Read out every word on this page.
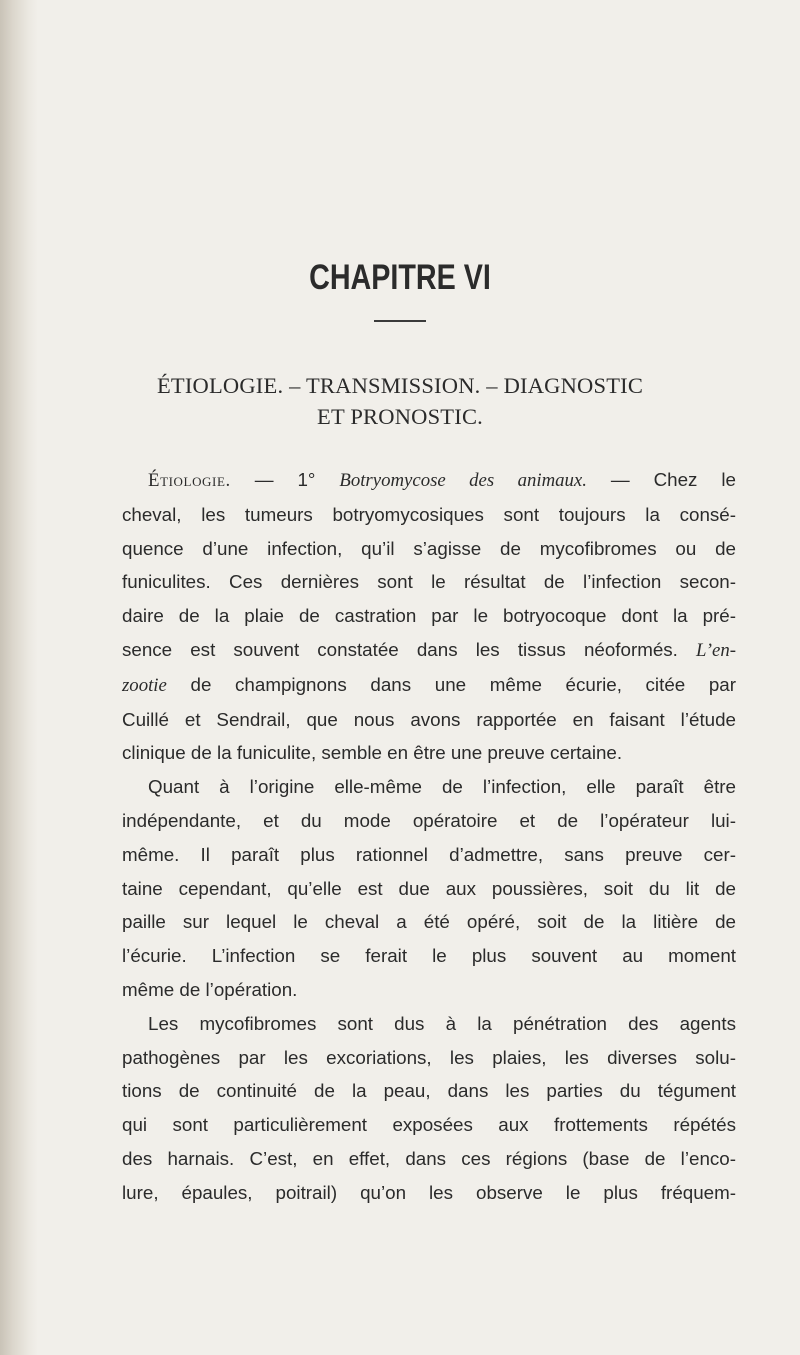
CHAPITRE VI
ÉTIOLOGIE. – TRANSMISSION. – DIAGNOSTIC
ET PRONOSTIC.
Étiologie. — 1° Botryomycose des animaux. — Chez le
cheval, les tumeurs botryomycosiques sont toujours la consé-
quence d’une infection, qu’il s’agisse de mycofibromes ou de
funiculites. Ces dernières sont le résultat de l’infection secon-
daire de la plaie de castration par le botryocoque dont la pré-
sence est souvent constatée dans les tissus néoformés. L’en-
zootie de champignons dans une même écurie, citée par
Cuillé et Sendrail, que nous avons rapportée en faisant l’étude
clinique de la funiculite, semble en être une preuve certaine.
Quant à l’origine elle-même de l’infection, elle paraît être
indépendante, et du mode opératoire et de l’opérateur lui-
même. Il paraît plus rationnel d’admettre, sans preuve cer-
taine cependant, qu’elle est due aux poussières, soit du lit de
paille sur lequel le cheval a été opéré, soit de la litière de
l’écurie. L’infection se ferait le plus souvent au moment
même de l’opération.
Les mycofibromes sont dus à la pénétration des agents
pathogènes par les excoriations, les plaies, les diverses solu-
tions de continuité de la peau, dans les parties du tégument
qui sont particulièrement exposées aux frottements répétés
des harnais. C’est, en effet, dans ces régions (base de l’enco-
lure, épaules, poitrail) qu’on les observe le plus fréquem-
